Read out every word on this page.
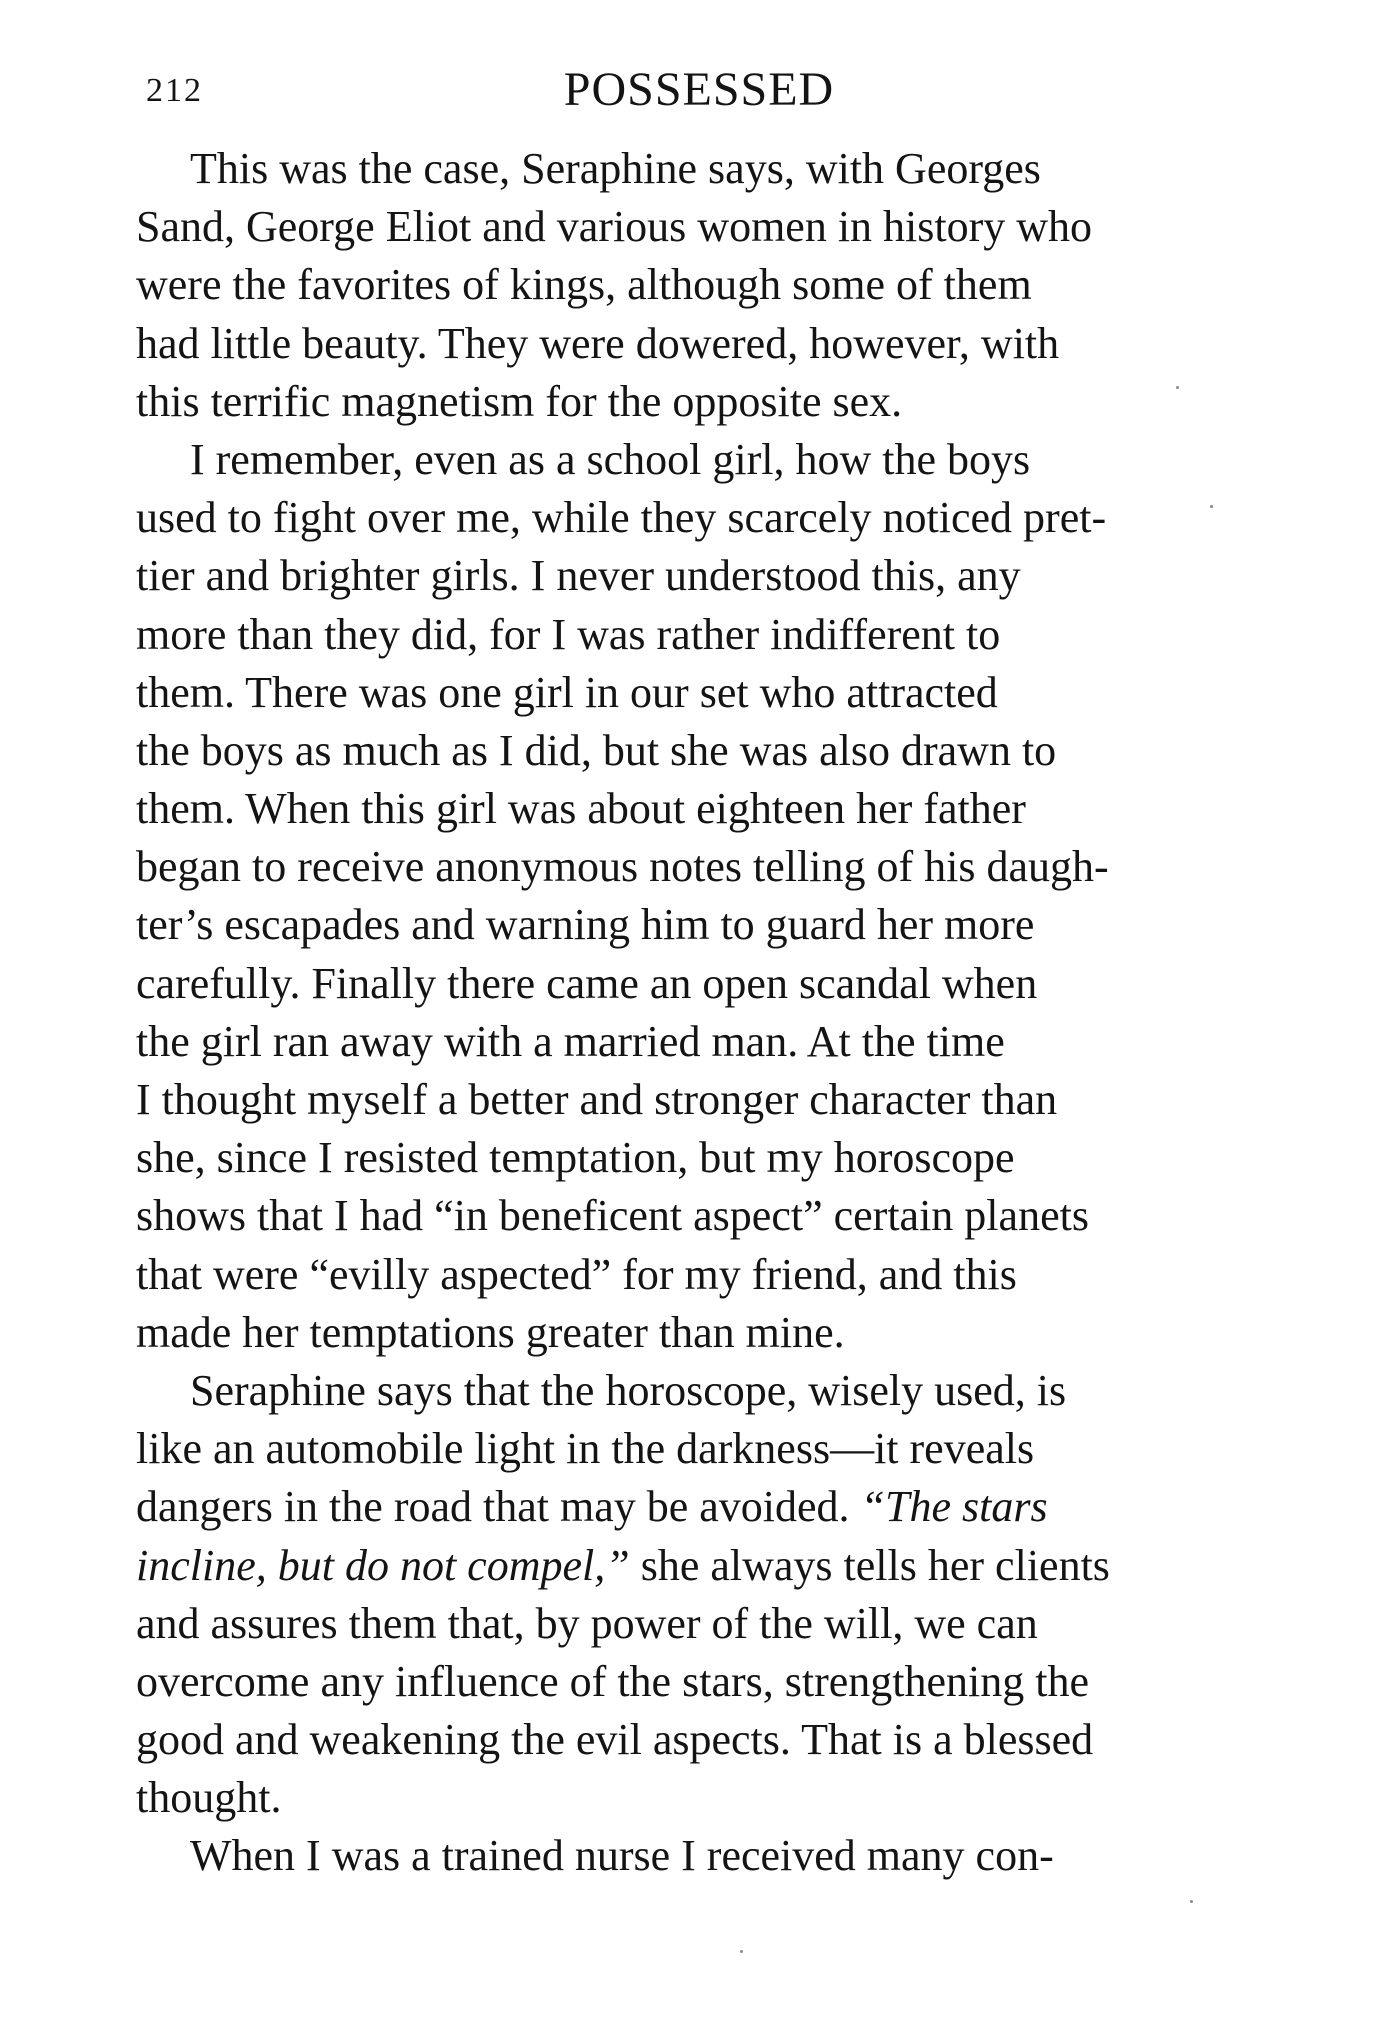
212	POSSESSED
This was the case, Seraphine says, with Georges
Sand, George Eliot and various women in history who
were the favorites of kings, although some of them
had little beauty. They were dowered, however, with
this terrific magnetism for the opposite sex.
I remember, even as a school girl, how the boys
used to fight over me, while they scarcely noticed pret-
tier and brighter girls. I never understood this, any
more than they did, for I was rather indifferent to
them. There was one girl in our set who attracted
the boys as much as I did, but she was also drawn to
them. When this girl was about eighteen her father
began to receive anonymous notes telling of his daugh-
ter’s escapades and warning him to guard her more
carefully. Finally there came an open scandal when
the girl ran away with a married man. At the time
I thought myself a better and stronger character than
she, since I resisted temptation, but my horoscope
shows that I had “in beneficent aspect” certain planets
that were “evilly aspected” for my friend, and this
made her temptations greater than mine.
Seraphine says that the horoscope, wisely used, is
like an automobile light in the darkness—it reveals
dangers in the road that may be avoided. “The stars
incline, but do not compel,” she always tells her clients
and assures them that, by power of the will, we can
overcome any influence of the stars, strengthening the
good and weakening the evil aspects. That is a blessed
thought.
When I was a trained nurse I received many con-
